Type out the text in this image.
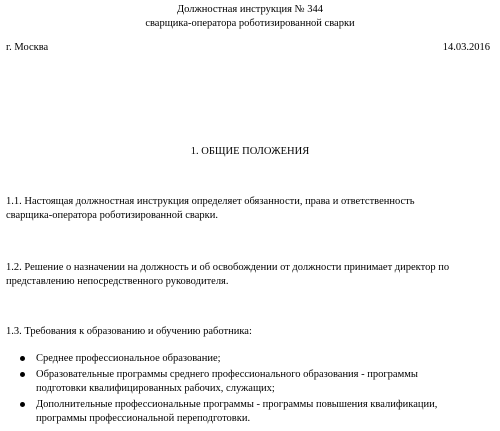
Должностная инструкция № 344
сварщика-оператора роботизированной сварки
г. Москва	14.03.2016
1. ОБЩИЕ ПОЛОЖЕНИЯ
1.1. Настоящая должностная инструкция определяет обязанности, права и ответственность
сварщика-оператора роботизированной сварки.
1.2. Решение о назначении на должность и об освобождении от должности принимает директор по
представлению непосредственного руководителя.
1.3. Требования к образованию и обучению работника:
Среднее профессиональное образование;
Образовательные программы среднего профессионального образования - программы
подготовки квалифицированных рабочих, служащих;
Дополнительные профессиональные программы - программы повышения квалификации,
программы профессиональной переподготовки.
